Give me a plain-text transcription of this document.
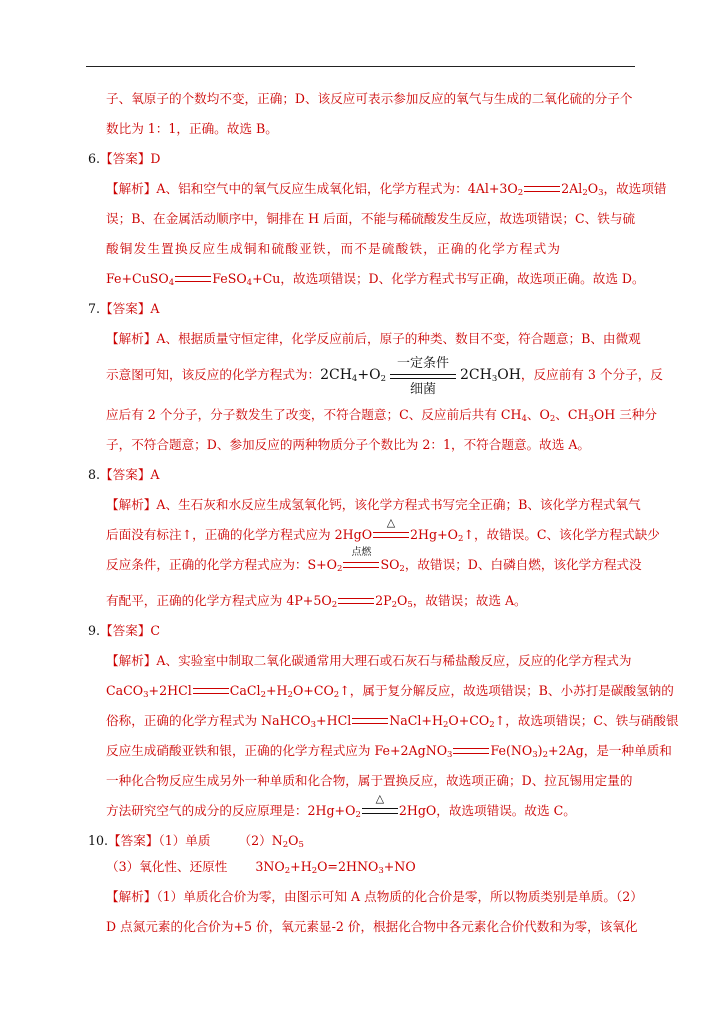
子、氧原子的个数均不变，正确；D、该反应可表示参加反应的氧气与生成的二氧化硫的分子个
数比为 1：1，正确。故选 B。
6.【答案】D
【解析】A、铝和空气中的氧气反应生成氧化铝，化学方程式为：$4Al+3O_2$	$2Al_2O_3$，故选项错
误；B、在金属活动顺序中，铜排在 H 后面，不能与稀硫酸发生反应，故选项错误；C、铁与硫
酸铜发生置换反应生成铜和硫酸亚铁，而不是硫酸铁，正确的化学方程式为
Fe+CuSO$_4$	FeSO$_4$+Cu，故选项错误；D、化学方程式书写正确，故选项正确。故选 D。
7.【答案】A
【解析】A、根据质量守恒定律，化学反应前后，原子的种类、数目不变，符合题意；B、由微观
示意图可知，该反应的化学方程式为：$2CH_4+O_2$
一定条件
细菌
$2CH_3OH$，反应前有 3 个分子，反
应后有 2 个分子，分子数发生了改变，不符合题意；C、反应前后共有 $CH_4$、$O_2$、$CH_3OH$ 三种分
子，不符合题意；D、参加反应的两种物质分子个数比为 2：1，不符合题意。故选 A。
8.【答案】A
【解析】A、生石灰和水反应生成氢氧化钙，该化学方程式书写完全正确；B、该化学方程式氧气
后面没有标注↑，正确的化学方程式应为 2HgO
△
$2Hg+O_2↑$，故错误。C、该化学方程式缺少
反应条件，正确的化学方程式应为：$S+O_2$
点燃
$SO_2$，故错误；D、白磷自燃，该化学方程式没
有配平，正确的化学方程式应为 $4P+5O_2$	$2P_2O_5$，故错误；故选 A。
9.【答案】C
【解析】A、实验室中制取二氧化碳通常用大理石或石灰石与稀盐酸反应，反应的化学方程式为
CaCO$_3$+2HCl	$CaCl_2+H_2O+CO_2↑$，属于复分解反应，故选项错误；B、小苏打是碳酸氢钠的
俗称，正确的化学方程式为 NaHCO$_3$+HCl	$NaCl+H_2O+CO_2↑$，故选项错误；C、铁与硝酸银
反应生成硝酸亚铁和银，正确的化学方程式应为 Fe+2AgNO$_3$	$Fe(NO_3)_2+2Ag$，是一种单质和
一种化合物反应生成另外一种单质和化合物，属于置换反应，故选项正确；D、拉瓦锡用定量的
方法研究空气的成分的反应原理是：$2Hg+O_2$
△
2HgO，故选项错误。故选 C。
10.【答案】（1）单质 $(2)N_2O_5$
（3）氧化性、还原性 $3NO_2+H_2O=2HNO_3+NO$
【解析】（1）单质化合价为零，由图示可知 A 点物质的化合价是零，所以物质类别是单质。（2）
D 点氮元素的化合价为+5 价，氧元素显-2 价，根据化合物中各元素化合价代数和为零，该氧化
